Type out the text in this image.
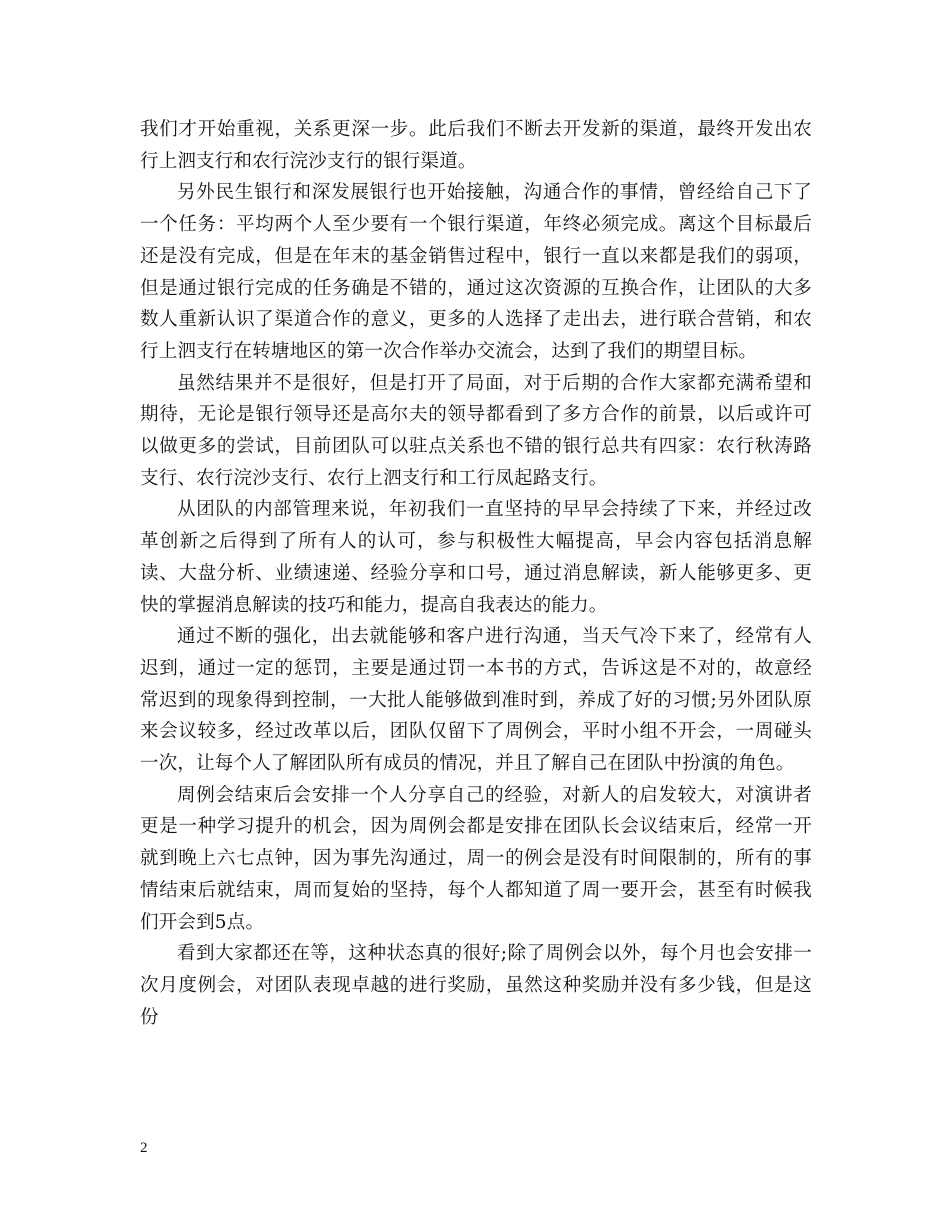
我们才开始重视，关系更深一步。此后我们不断去开发新的渠道，最终开发出农行上泗支行和农行浣沙支行的银行渠道。

另外民生银行和深发展银行也开始接触，沟通合作的事情，曾经给自己下了一个任务：平均两个人至少要有一个银行渠道，年终必须完成。离这个目标最后还是没有完成，但是在年末的基金销售过程中，银行一直以来都是我们的弱项，但是通过银行完成的任务确是不错的，通过这次资源的互换合作，让团队的大多数人重新认识了渠道合作的意义，更多的人选择了走出去，进行联合营销，和农行上泗支行在转塘地区的第一次合作举办交流会，达到了我们的期望目标。

虽然结果并不是很好，但是打开了局面，对于后期的合作大家都充满希望和期待，无论是银行领导还是高尔夫的领导都看到了多方合作的前景，以后或许可以做更多的尝试，目前团队可以驻点关系也不错的银行总共有四家：农行秋涛路支行、农行浣沙支行、农行上泗支行和工行凤起路支行。

从团队的内部管理来说，年初我们一直坚持的早早会持续了下来，并经过改革创新之后得到了所有人的认可，参与积极性大幅提高，早会内容包括消息解读、大盘分析、业绩速递、经验分享和口号，通过消息解读，新人能够更多、更快的掌握消息解读的技巧和能力，提高自我表达的能力。

通过不断的强化，出去就能够和客户进行沟通，当天气冷下来了，经常有人迟到，通过一定的惩罚，主要是通过罚一本书的方式，告诉这是不对的，故意经常迟到的现象得到控制，一大批人能够做到准时到，养成了好的习惯;另外团队原来会议较多，经过改革以后，团队仅留下了周例会，平时小组不开会，一周碰头一次，让每个人了解团队所有成员的情况，并且了解自己在团队中扮演的角色。

周例会结束后会安排一个人分享自己的经验，对新人的启发较大，对演讲者更是一种学习提升的机会，因为周例会都是安排在团队长会议结束后，经常一开就到晚上六七点钟，因为事先沟通过，周一的例会是没有时间限制的，所有的事情结束后就结束，周而复始的坚持，每个人都知道了周一要开会，甚至有时候我们开会到5点。

看到大家都还在等，这种状态真的很好;除了周例会以外，每个月也会安排一次月度例会，对团队表现卓越的进行奖励，虽然这种奖励并没有多少钱，但是这份

2
